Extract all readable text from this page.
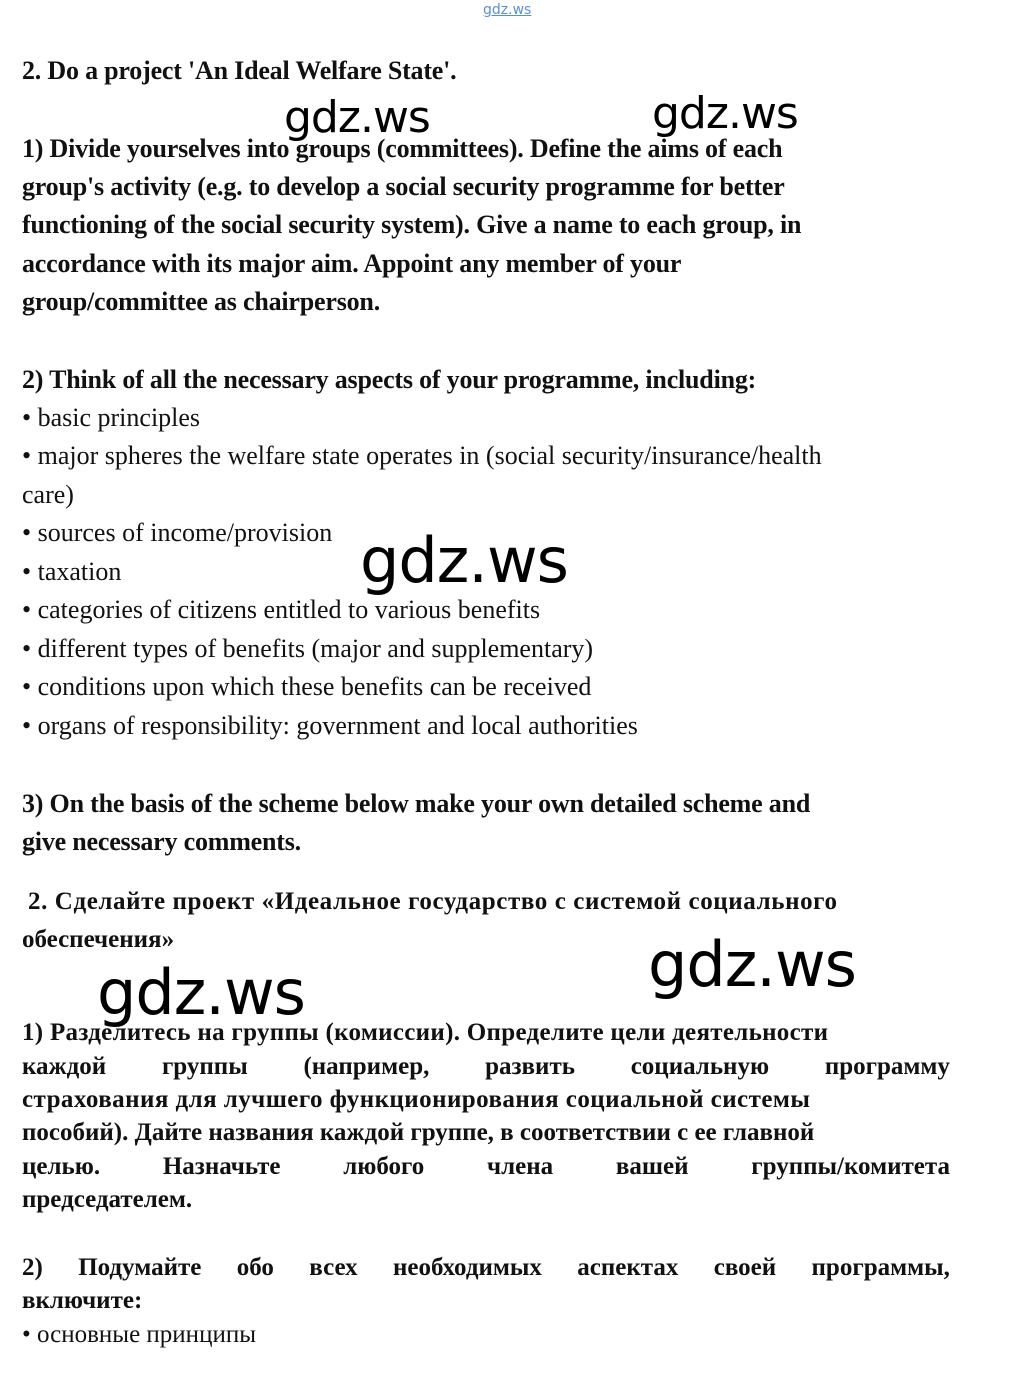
gdz.ws
2. Do a project 'An Ideal Welfare State'.
1) Divide yourselves into groups (committees). Define the aims of each
group's activity (e.g. to develop a social security programme for better
functioning of the social security system). Give a name to each group, in
accordance with its major aim. Appoint any member of your
group/committee as chairperson.
2) Think of all the necessary aspects of your programme, including:
• basic principles
• major spheres the welfare state operates in (social security/insurance/health
care)
• sources of income/provision
• taxation
• categories of citizens entitled to various benefits
• different types of benefits (major and supplementary)
• conditions upon which these benefits can be received
• organs of responsibility: government and local authorities
3) On the basis of the scheme below make your own detailed scheme and
give necessary comments.
2. Сделайте проект «Идеальное государство с системой социального
обеспечения»
1) Разделитесь на группы (комиссии). Определите цели деятельности
каждой группы (например, развить социальную программу
страхования для лучшего функционирования социальной системы
пособий). Дайте названия каждой группе, в соответствии с ее главной
целью.	Назначьте	любого	члена	вашей	группы/комитета
председателем.
2) Подумайте обо всех необходимых аспектах своей программы,
включите:
• основные принципы
gdz.ws	gdz.ws
gdz.ws
gdz.ws
gdz.ws
